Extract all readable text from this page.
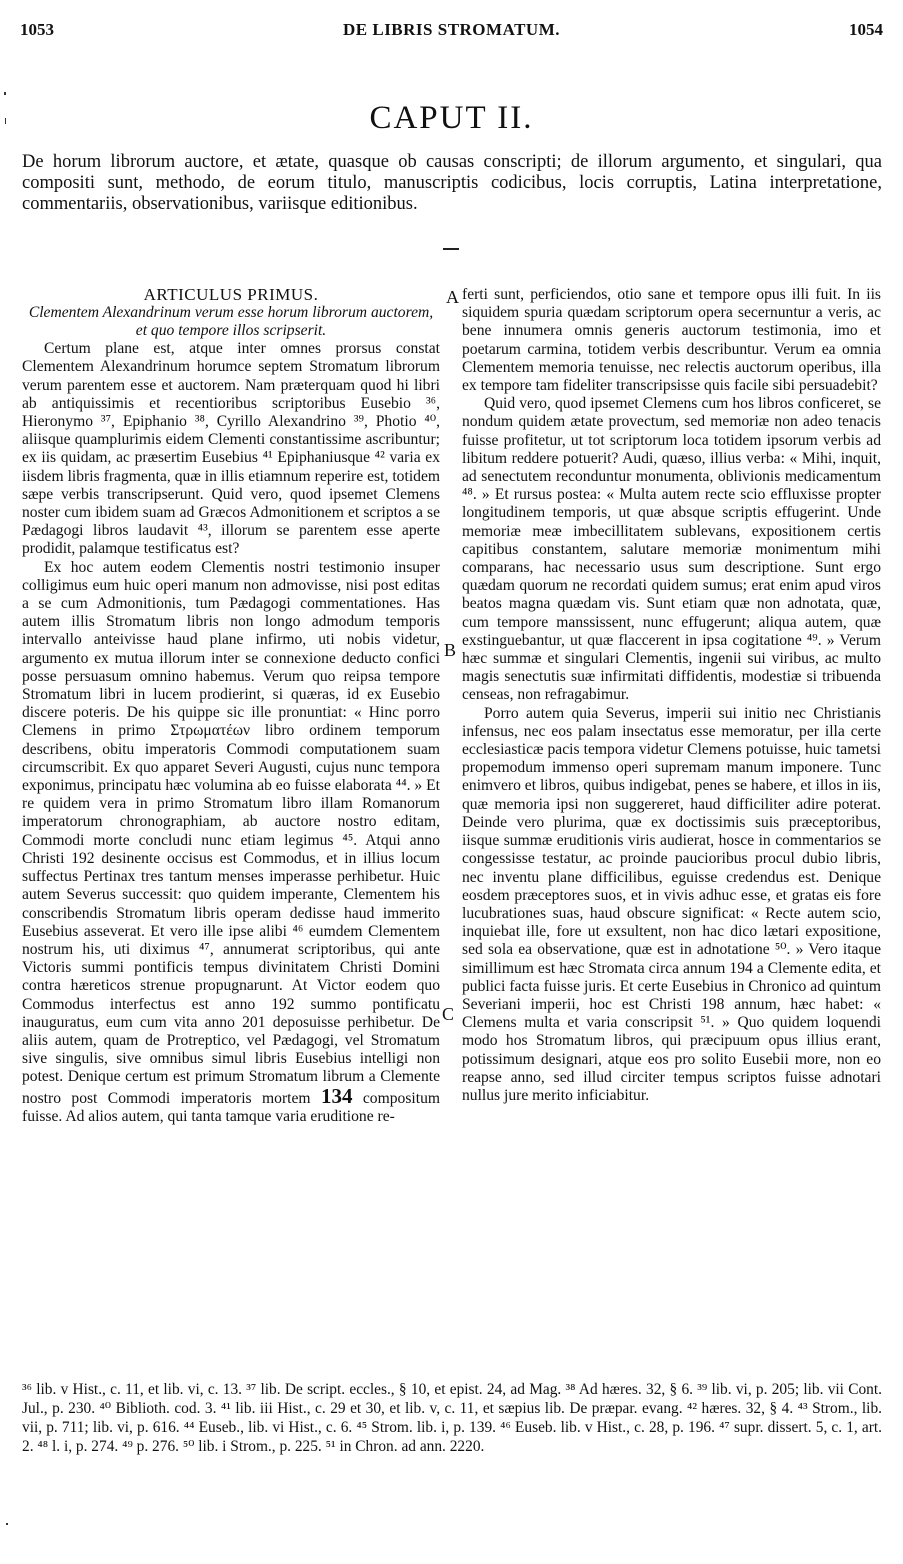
1053	DE LIBRIS STROMATUM.	1054
CAPUT II.
De horum librorum auctore, et ætate, quasque ob causas conscripti; de illorum argumento, et singulari, qua compositi sunt, methodo, de eorum titulo, manuscriptis codicibus, locis corruptis, Latina interpretatione, commentariis, observationibus, variisque editionibus.

ARTICULUS PRIMUS.

Clementem Alexandrinum verum esse horum librorum auctorem, et quo tempore illos scripserit.

Certum plane est, atque inter omnes prorsus constat Clementem Alexandrinum horumce septem Stromatum librorum verum parentem esse et auctorem. Nam præterquam quod hi libri ab antiquissimis et recentioribus scriptoribus Eusebio ³⁶, Hieronymo ³⁷, Epiphanio ³⁸, Cyrillo Alexandrino ³⁹, Photio ⁴⁰, aliisque quamplurimis eidem Clementi constantissime ascribuntur; ex iis quidam, ac præsertim Eusebius ⁴¹ Epiphaniusque ⁴² varia ex iisdem libris fragmenta, quæ in illis etiamnum reperire est, totidem sæpe verbis transcripserunt. Quid vero, quod ipsemet Clemens noster cum ibidem suam ad Græcos Admonitionem et scriptos a se Pædagogi libros laudavit ⁴³, illorum se parentem esse aperte prodidit, palamque testificatus est?

Ex hoc autem eodem Clementis nostri testimonio insuper colligimus eum huic operi manum non admovisse, nisi post editas a se cum Admonitionis, tum Pædagogi commentationes. Has autem illis Stromatum libris non longo admodum temporis intervallo anteivisse haud plane infirmo, uti nobis videtur, argumento ex mutua illorum inter se connexione deducto confici posse persuasum omnino habemus. Verum quo reipsa tempore Stromatum libri in lucem prodierint, si quæras, id ex Eusebio discere poteris. De his quippe sic ille pronuntiat: « Hinc porro Clemens in primo Στρωματέων libro ordinem temporum describens, obitu imperatoris Commodi computationem suam circumscribit. Ex quo apparet Severi Augusti, cujus nunc tempora exponimus, principatu hæc volumina ab eo fuisse elaborata ⁴⁴. » Et re quidem vera in primo Stromatum libro illam Romanorum imperatorum chronographiam, ab auctore nostro editam, Commodi morte concludi nunc etiam legimus ⁴⁵. Atqui anno Christi 192 desinente occisus est Commodus, et in illius locum suffectus Pertinax tres tantum menses imperasse perhibetur. Huic autem Severus successit: quo quidem imperante, Clementem his conscribendis Stromatum libris operam dedisse haud immerito Eusebius asseverat. Et vero ille ipse alibi ⁴⁶ eumdem Clementem nostrum his, uti diximus ⁴⁷, annumerat scriptoribus, qui ante Victoris summi pontificis tempus divinitatem Christi Domini contra hæreticos strenue propugnarunt. At Victor eodem quo Commodus interfectus est anno 192 summo pontificatu inauguratus, eum cum vita anno 201 deposuisse perhibetur. De aliis autem, quam de Protreptico, vel Pædagogi, vel Stromatum sive singulis, sive omnibus simul libris Eusebius intelligi non potest. Denique certum est primum Stromatum librum a Clemente nostro post Commodi imperatoris mortem 134 compositum fuisse. Ad alios autem, qui tanta tamque varia eruditione re-

A
B
C

ferti sunt, perficiendos, otio sane et tempore opus illi fuit. In iis siquidem spuria quædam scriptorum opera secernuntur a veris, ac bene innumera omnis generis auctorum testimonia, imo et poetarum carmina, totidem verbis describuntur. Verum ea omnia Clementem memoria tenuisse, nec relectis auctorum operibus, illa ex tempore tam fideliter transcripsisse quis facile sibi persuadebit?

Quid vero, quod ipsemet Clemens cum hos libros conficeret, se nondum quidem ætate provectum, sed memoriæ non adeo tenacis fuisse profitetur, ut tot scriptorum loca totidem ipsorum verbis ad libitum reddere potuerit? Audi, quæso, illius verba: « Mihi, inquit, ad senectutem reconduntur monumenta, oblivionis medicamentum ⁴⁸. » Et rursus postea: « Multa autem recte scio effluxisse propter longitudinem temporis, ut quæ absque scriptis effugerint. Unde memoriæ meæ imbecillitatem sublevans, expositionem certis capitibus constantem, salutare memoriæ monimentum mihi comparans, hac necessario usus sum descriptione. Sunt ergo quædam quorum ne recordati quidem sumus; erat enim apud viros beatos magna quædam vis. Sunt etiam quæ non adnotata, quæ, cum tempore manssissent, nunc effugerunt; aliqua autem, quæ exstinguebantur, ut quæ flaccerent in ipsa cogitatione ⁴⁹. » Verum hæc summæ et singulari Clementis, ingenii sui viribus, ac multo magis senectutis suæ infirmitati diffidentis, modestiæ si tribuenda censeas, non refragabimur.

Porro autem quia Severus, imperii sui initio nec Christianis infensus, nec eos palam insectatus esse memoratur, per illa certe ecclesiasticæ pacis tempora videtur Clemens potuisse, huic tametsi propemodum immenso operi supremam manum imponere. Tunc enimvero et libros, quibus indigebat, penes se habere, et illos in iis, quæ memoria ipsi non suggereret, haud difficiliter adire poterat. Deinde vero plurima, quæ ex doctissimis suis præceptoribus, iisque summæ eruditionis viris audierat, hosce in commentarios se congessisse testatur, ac proinde paucioribus procul dubio libris, nec inventu plane difficilibus, eguisse credendus est. Denique eosdem præceptores suos, et in vivis adhuc esse, et gratas eis fore lucubrationes suas, haud obscure significat: « Recte autem scio, inquiebat ille, fore ut exsultent, non hac dico lætari expositione, sed sola ea observatione, quæ est in adnotatione ⁵⁰. » Vero itaque simillimum est hæc Stromata circa annum 194 a Clemente edita, et publici facta fuisse juris. Et certe Eusebius in Chronico ad quintum Severiani imperii, hoc est Christi 198 annum, hæc habet: « Clemens multa et varia conscripsit ⁵¹. » Quo quidem loquendi modo hos Stromatum libros, qui præcipuum opus illius erant, potissimum designari, atque eos pro solito Eusebii more, non eo reapse anno, sed illud circiter tempus scriptos fuisse adnotari nullus jure merito inficiabitur.

³⁶ lib. v Hist., c. 11, et lib. vi, c. 13. ³⁷ lib. De script. eccles., § 10, et epist. 24, ad Mag. ³⁸ Ad hæres. 32, § 6. ³⁹ lib. vi, p. 205; lib. vii Cont. Jul., p. 230. ⁴⁰ Biblioth. cod. 3. ⁴¹ lib. iii Hist., c. 29 et 30, et lib. v, c. 11, et sæpius lib. De præpar. evang. ⁴² hæres. 32, § 4. ⁴³ Strom., lib. vii, p. 711; lib. vi, p. 616. ⁴⁴ Euseb., lib. vi Hist., c. 6. ⁴⁵ Strom. lib. i, p. 139. ⁴⁶ Euseb. lib. v Hist., c. 28, p. 196. ⁴⁷ supr. dissert. 5, c. 1, art. 2. ⁴⁸ l. i, p. 274. ⁴⁹ p. 276. ⁵⁰ lib. i Strom., p. 225. ⁵¹ in Chron. ad ann. 2220.
